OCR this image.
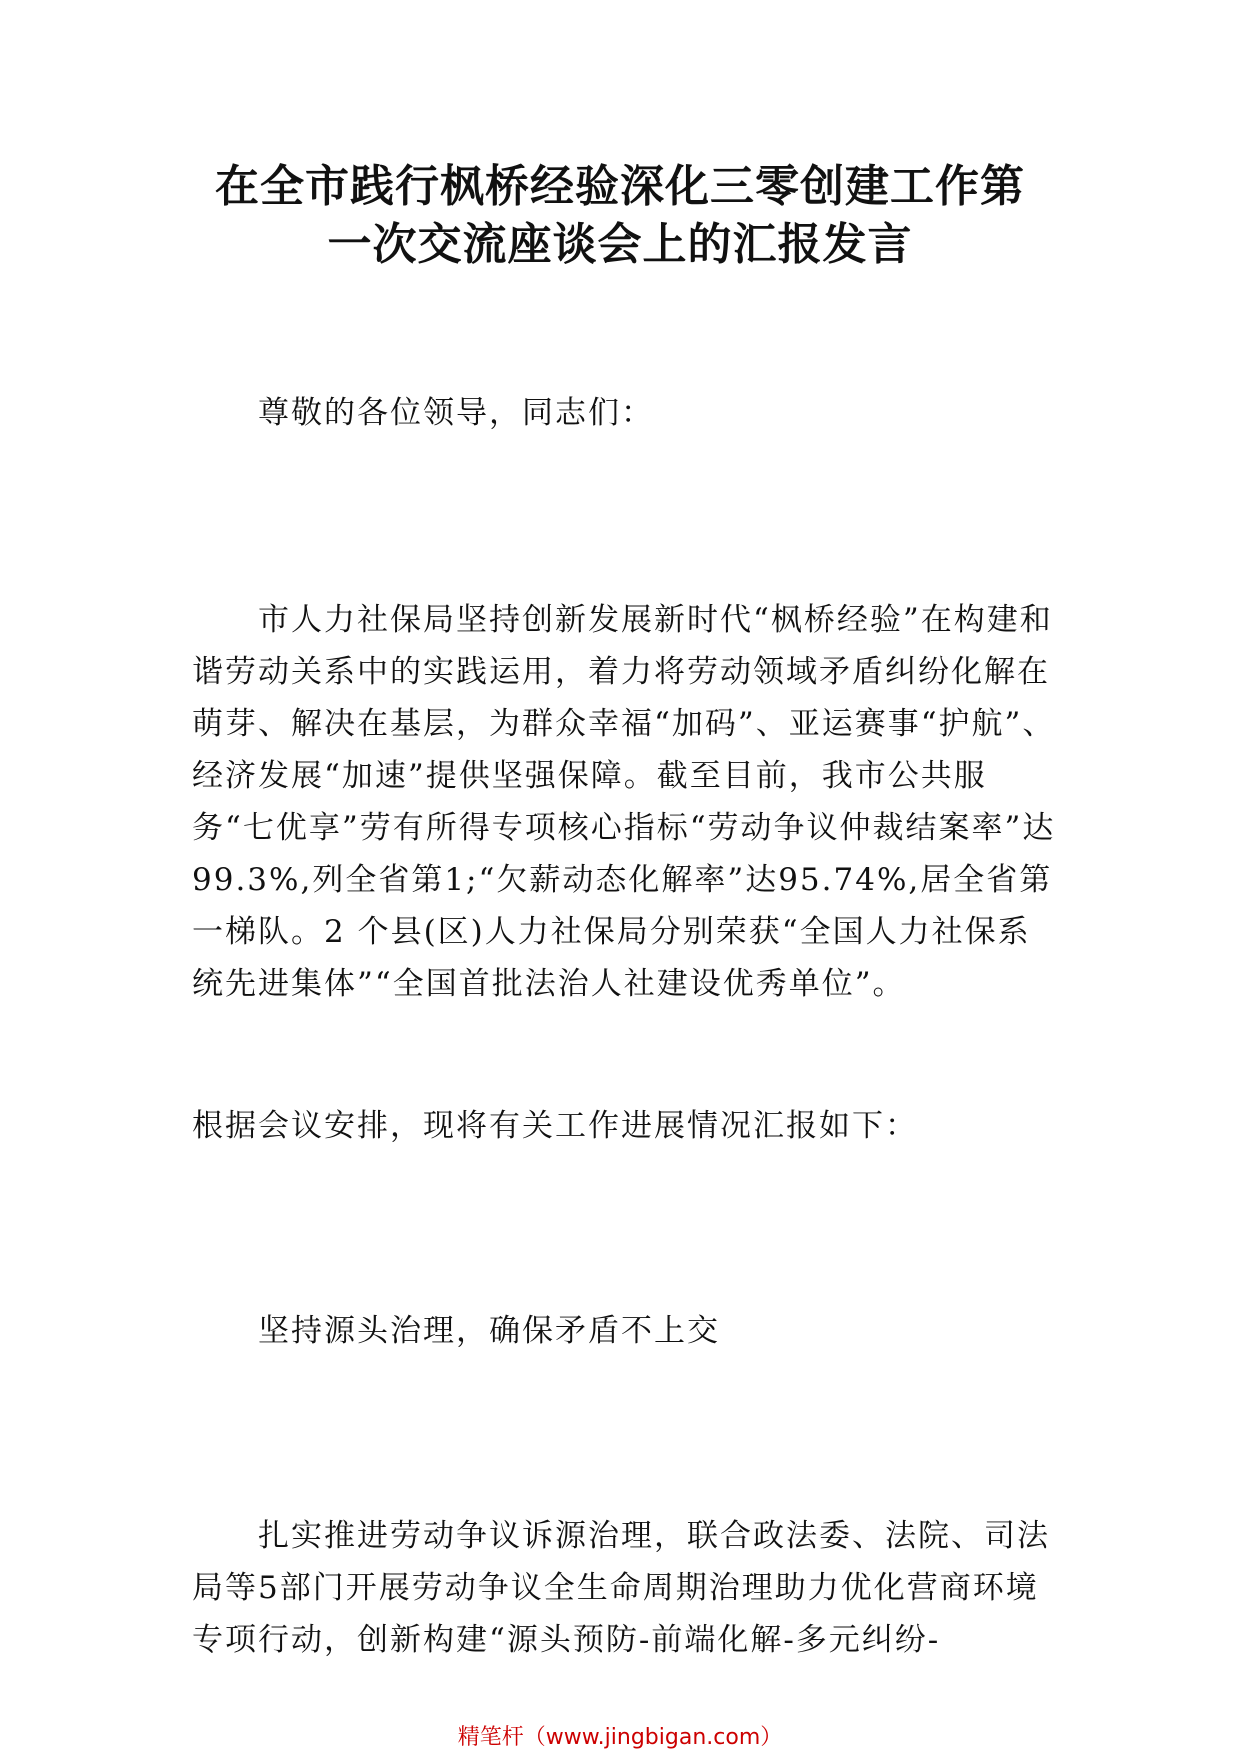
在全市践行枫桥经验深化三零创建工作第
一次交流座谈会上的汇报发言
尊敬的各位领导，同志们：
市人力社保局坚持创新发展新时代“枫桥经验”在构建和谐劳动关系中的实践运用，着力将劳动领域矛盾纠纷化解在萌芽、解决在基层，为群众幸福“加码”、亚运赛事“护航”、经济发展“加速”提供坚强保障。截至目前，我市公共服务“七优享”劳有所得专项核心指标“劳动争议仲裁结案率”达99.3%,列全省第1;“欠薪动态化解率”达95.74%,居全省第一梯队。2 个县(区)人力社保局分别荣获“全国人力社保系统先进集体”“全国首批法治人社建设优秀单位”。
根据会议安排，现将有关工作进展情况汇报如下：
坚持源头治理，确保矛盾不上交
扎实推进劳动争议诉源治理，联合政法委、法院、司法局等5部门开展劳动争议全生命周期治理助力优化营商环境 专项行动，创新构建“源头预防-前端化解-多元纠纷-
精笔杆（www.jingbigan.com）
